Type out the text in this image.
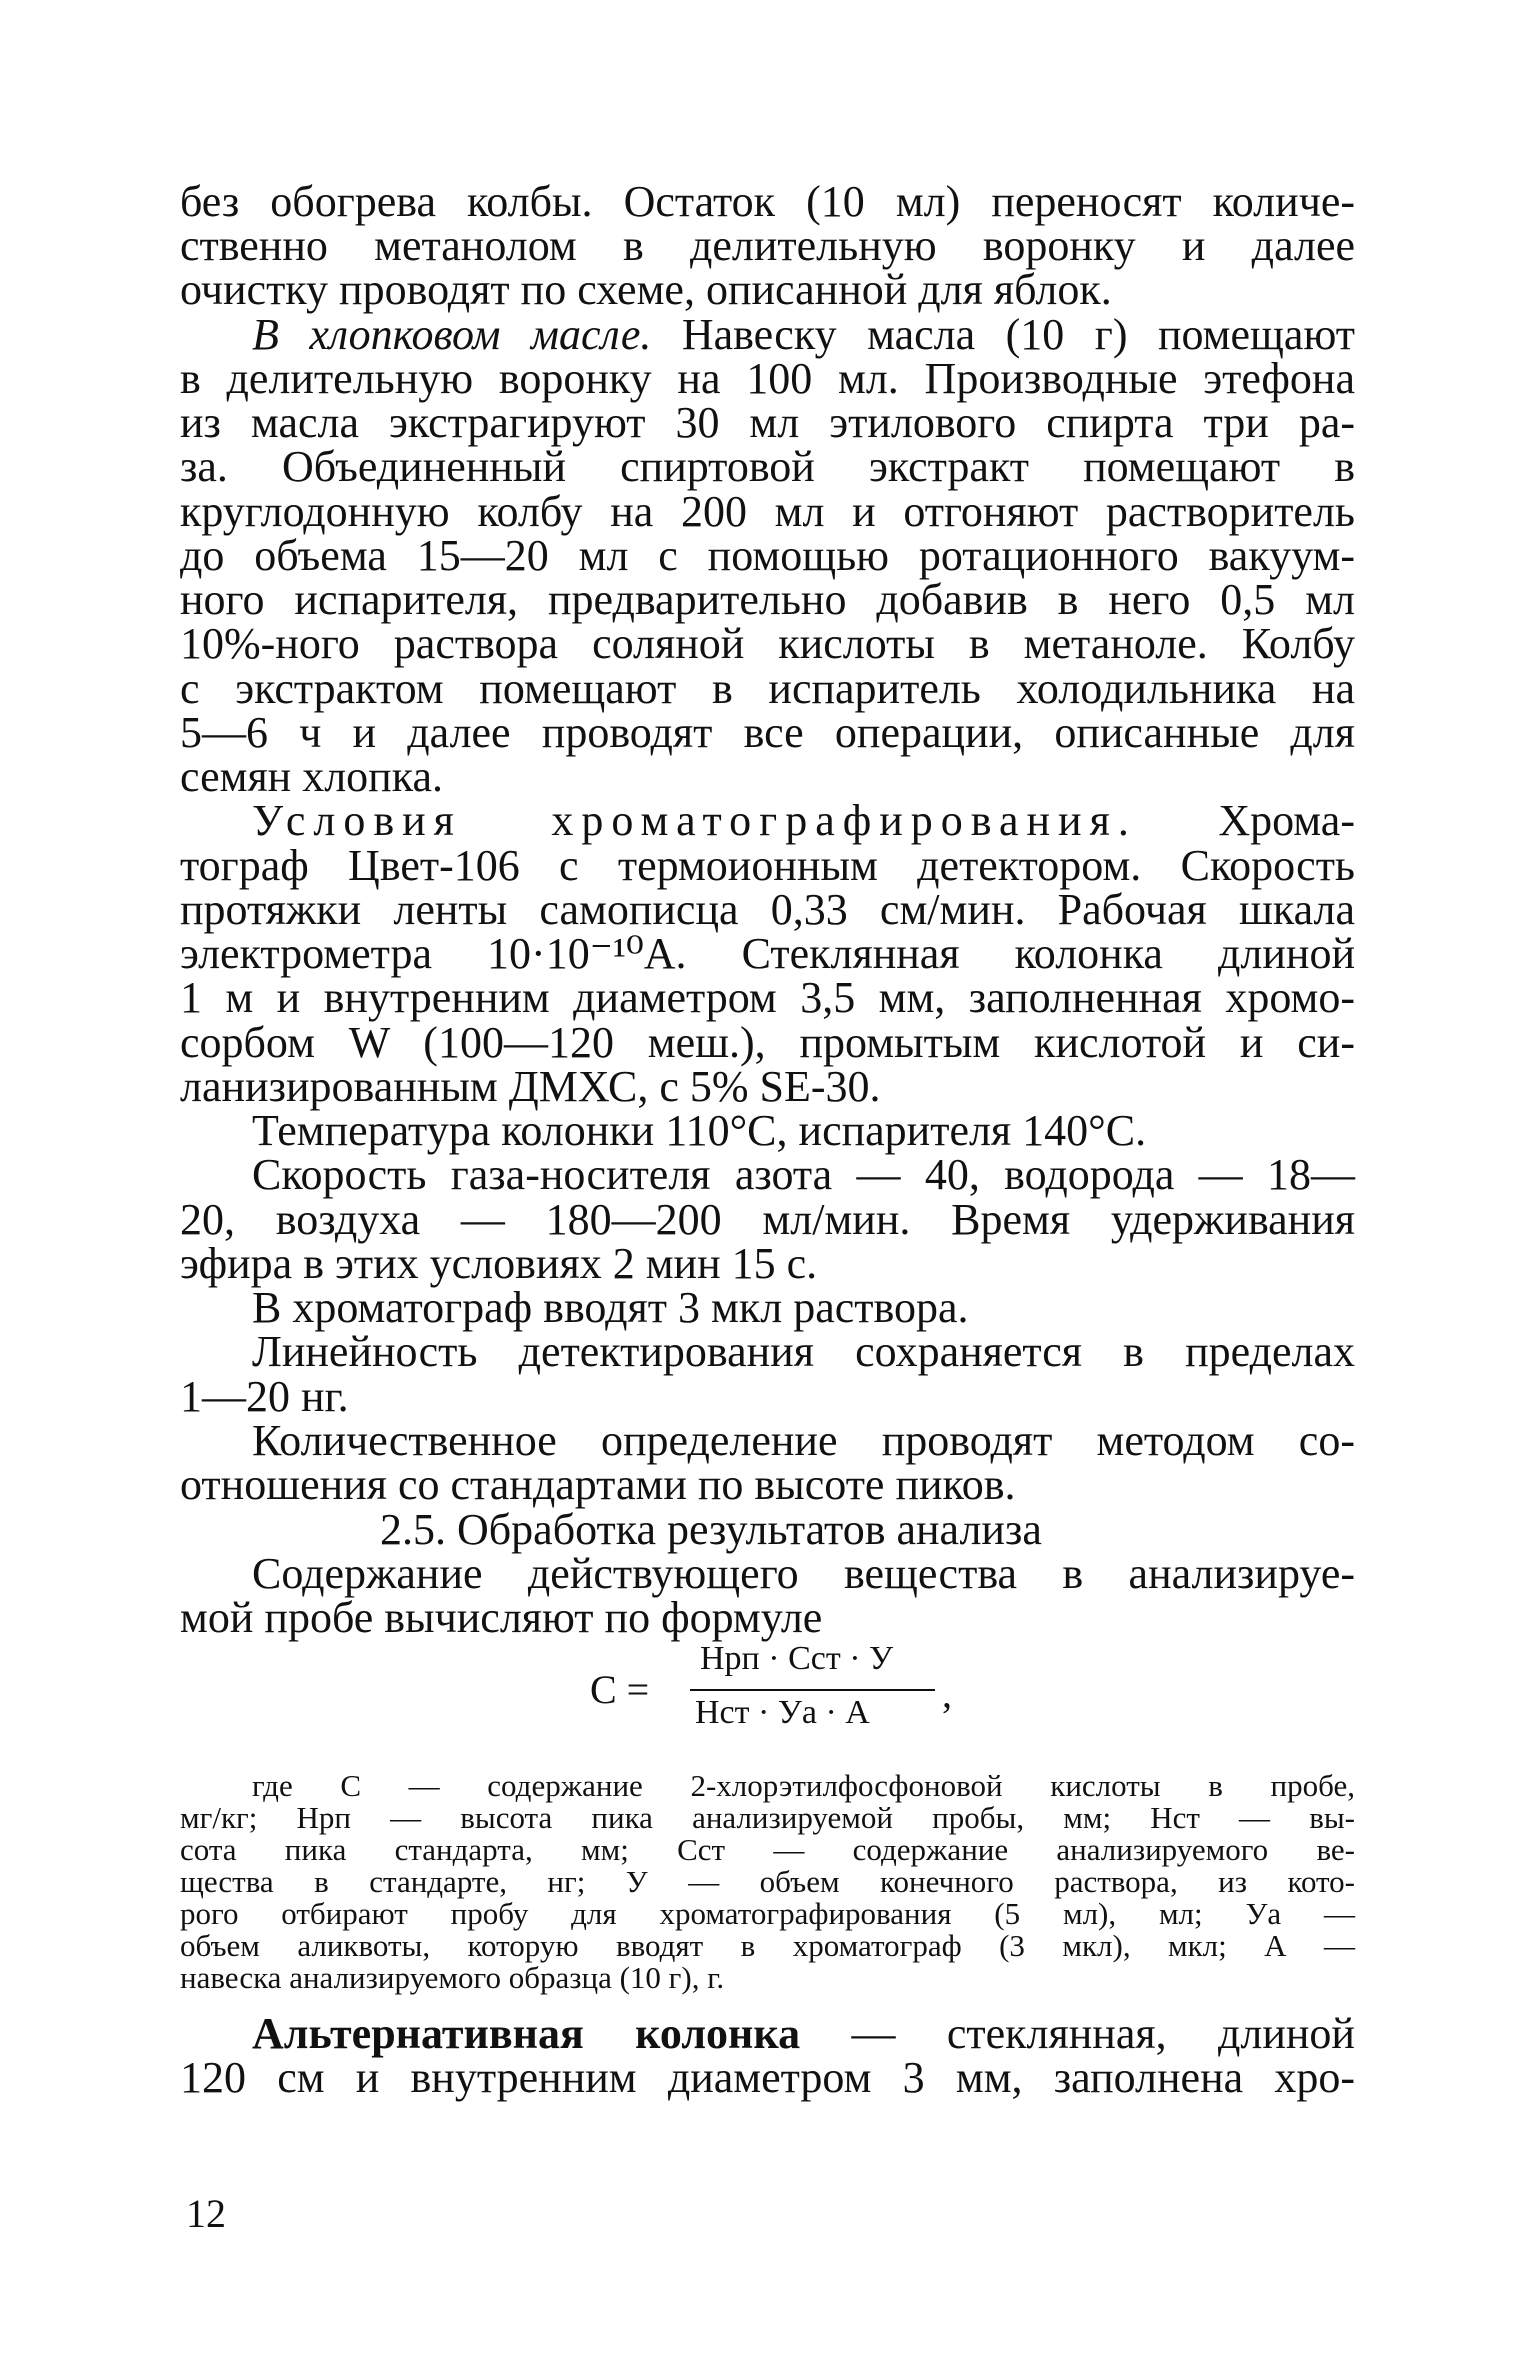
без обогрева колбы. Остаток (10 мл) переносят количе-

ственно метанолом в делительную воронку и далее

очистку проводят по схеме, описанной для яблок.

В хлопковом масле. Навеску масла (10 г) помещают

в делительную воронку на 100 мл. Производные этефона

из масла экстрагируют 30 мл этилового спирта три ра-

за. Объединенный спиртовой экстракт помещают в

круглодонную колбу на 200 мл и отгоняют растворитель

до объема 15—20 мл с помощью ротационного вакуум-

ного испарителя, предварительно добавив в него 0,5 мл

10%-ного раствора соляной кислоты в метаноле. Колбу

с экстрактом помещают в испаритель холодильника на

5—6 ч и далее проводят все операции, описанные для

семян хлопка.

Условия хроматографирования. Хрома-

тограф Цвет-106 с термоионным детектором. Скорость

протяжки ленты самописца 0,33 см/мин. Рабочая шкала

электрометра 10·10⁻¹⁰А. Стеклянная колонка длиной

1 м и внутренним диаметром 3,5 мм, заполненная хромо-

сорбом W (100—120 меш.), промытым кислотой и си-

ланизированным ДМХС, с 5% SE-30.

Температура колонки 110°C, испарителя 140°C.

Скорость газа-носителя азота — 40, водорода — 18—

20, воздуха — 180—200 мл/мин. Время удерживания

эфира в этих условиях 2 мин 15 с.

В хроматограф вводят 3 мкл раствора.

Линейность детектирования сохраняется в пределах

1—20 нг.

Количественное определение проводят методом со-

отношения со стандартами по высоте пиков.

2.5. Обработка результатов анализа

Содержание действующего вещества в анализируе-

мой пробе вычисляют по формуле

C =
Hрп · Cст · У
Hст · Уа · A ,

где С — содержание 2-хлорэтилфосфоновой кислоты в пробе,

мг/кг; Hрп — высота пика анализируемой пробы, мм; Hст — вы-

сота пика стандарта, мм; Cст — содержание анализируемого ве-

щества в стандарте, нг; У — объем конечного раствора, из кото-

рого отбирают пробу для хроматографирования (5 мл), мл; Уа —

объем аликвоты, которую вводят в хроматограф (3 мкл), мкл; А —

навеска анализируемого образца (10 г), г.

Альтернативная колонка — стеклянная, длиной

120 см и внутренним диаметром 3 мм, заполнена хро-

12
